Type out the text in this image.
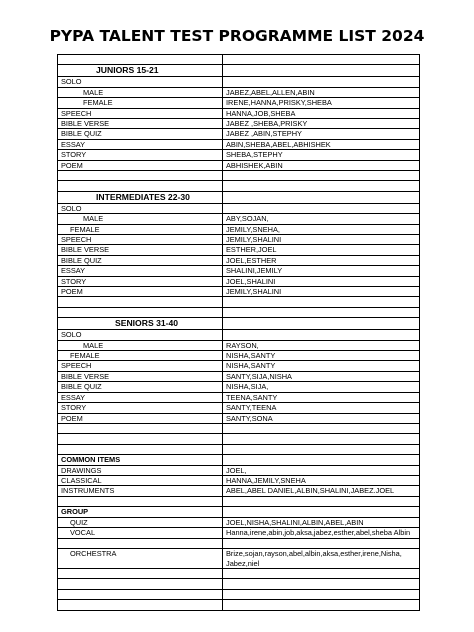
PYPA TALENT TEST PROGRAMME LIST 2024

JUNIORS 15-21	
SOLO	
MALE	JABEZ,ABEL,ALLEN,ABIN
FEMALE	IRENE,HANNA,PRISKY,SHEBA
SPEECH	HANNA,JOB,SHEBA
BIBLE VERSE	JABEZ ,SHEBA,PRISKY
BIBLE QUIZ	JABEZ ,ABIN,STEPHY
ESSAY	ABIN,SHEBA,ABEL,ABHISHEK
STORY	SHEBA,STEPHY
POEM	ABHISHEK,ABIN

INTERMEDIATES 22-30	
SOLO	
MALE	ABY,SOJAN,
FEMALE	JEMILY,SNEHA,
SPEECH	JEMILY,SHALINI
BIBLE VERSE	ESTHER,JOEL
BIBLE QUIZ	JOEL,ESTHER
ESSAY	SHALINI,JEMILY
STORY	JOEL,SHALINI
POEM	JEMILY,SHALINI

SENIORS 31-40	
SOLO	
MALE	RAYSON,
FEMALE	NISHA,SANTY
SPEECH	NISHA,SANTY
BIBLE VERSE	SANTY,SIJA,NISHA
BIBLE QUIZ	NISHA,SIJA,
ESSAY	TEENA,SANTY
STORY	SANTY,TEENA
POEM	SANTY,SONA

COMMON ITEMS	
DRAWINGS	JOEL,
CLASSICAL	HANNA,JEMILY,SNEHA
INSTRUMENTS	ABEL,ABEL DANIEL,ALBIN,SHALINI,JABEZ.JOEL

GROUP	
QUIZ	JOEL,NISHA,SHALINI,ALBIN,ABEL,ABIN
VOCAL	Hanna,irene,abin,job,aksa,jabez,esther,abel,sheba Albin

ORCHESTRA	Brize,sojan,rayson,abel,albin,aksa,esther,irene,Nisha, Jabez,niel
